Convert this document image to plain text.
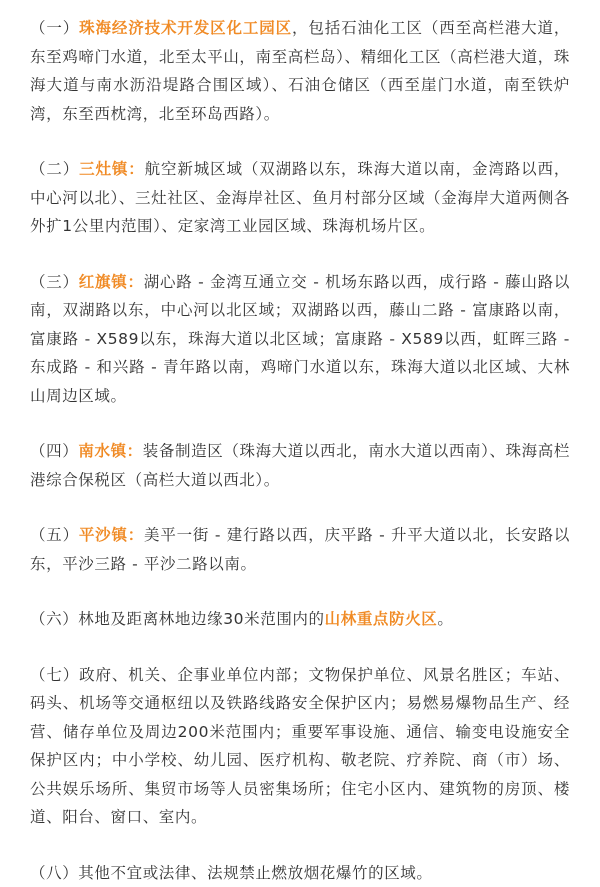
（一）珠海经济技术开发区化工园区，包括石油化工区（西至高栏港大道，东至鸡啼门水道，北至太平山，南至高栏岛）、精细化工区（高栏港大道，珠海大道与南水沥沿堤路合围区域）、石油仓储区（西至崖门水道，南至铁炉湾，东至西枕湾，北至环岛西路）。

（二）三灶镇：航空新城区域（双湖路以东，珠海大道以南，金湾路以西，中心河以北）、三灶社区、金海岸社区、鱼月村部分区域（金海岸大道两侧各外扩1公里内范围）、定家湾工业园区域、珠海机场片区。

（三）红旗镇：湖心路 - 金湾互通立交 - 机场东路以西，成行路 - 藤山路以南，双湖路以东，中心河以北区域；双湖路以西，藤山二路 - 富康路以南，富康路 - X589以东，珠海大道以北区域；富康路 - X589以西，虹晖三路 - 东成路 - 和兴路 - 青年路以南，鸡啼门水道以东，珠海大道以北区域、大林山周边区域。

（四）南水镇：装备制造区（珠海大道以西北，南水大道以西南）、珠海高栏港综合保税区（高栏大道以西北）。

（五）平沙镇：美平一街 - 建行路以西，庆平路 - 升平大道以北，长安路以东，平沙三路 - 平沙二路以南。

（六）林地及距离林地边缘30米范围内的山林重点防火区。

（七）政府、机关、企事业单位内部；文物保护单位、风景名胜区；车站、码头、机场等交通枢纽以及铁路线路安全保护区内；易燃易爆物品生产、经营、储存单位及周边200米范围内；重要军事设施、通信、输变电设施安全保护区内；中小学校、幼儿园、医疗机构、敬老院、疗养院、商（市）场、公共娱乐场所、集贸市场等人员密集场所；住宅小区内、建筑物的房顶、楼道、阳台、窗口、室内。

（八）其他不宜或法律、法规禁止燃放烟花爆竹的区域。
